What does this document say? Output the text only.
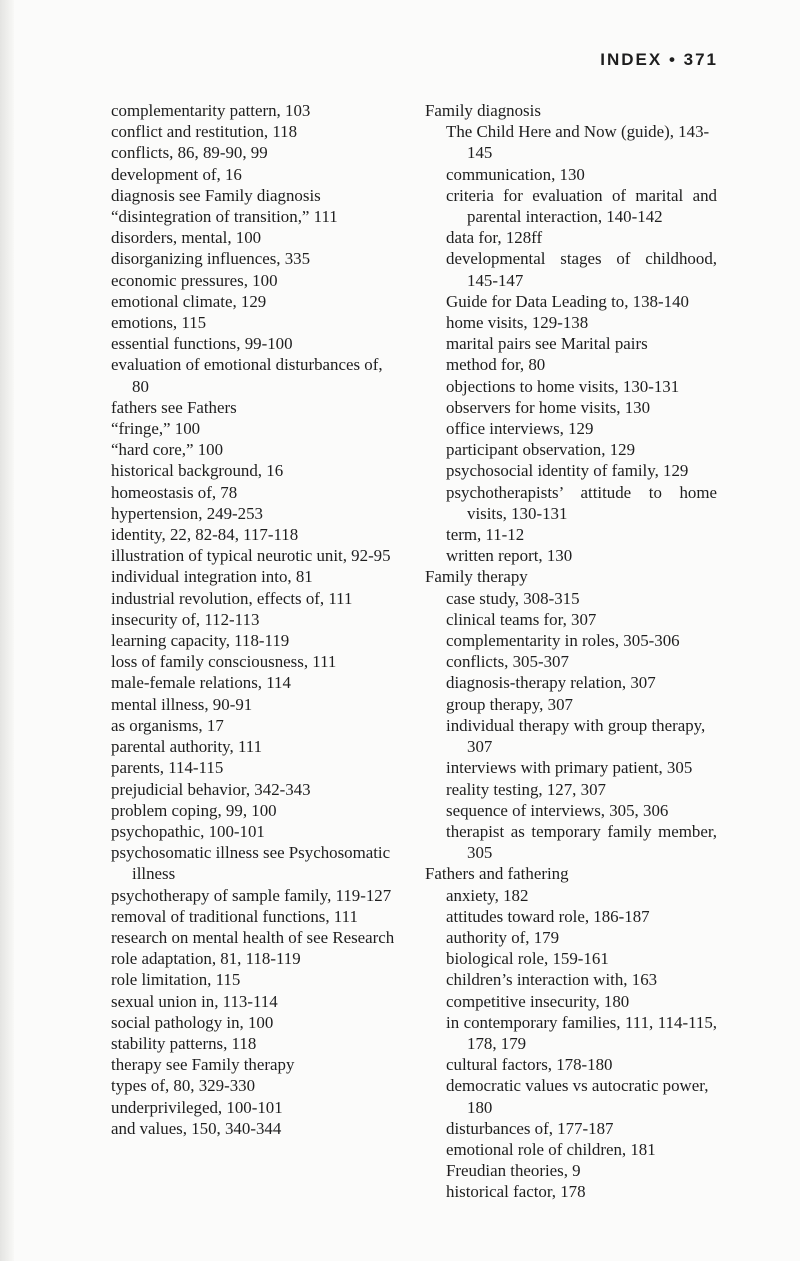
INDEX • 371
complementarity pattern, 103
conflict and restitution, 118
conflicts, 86, 89-90, 99
development of, 16
diagnosis see Family diagnosis
“disintegration of transition,” 111
disorders, mental, 100
disorganizing influences, 335
economic pressures, 100
emotional climate, 129
emotions, 115
essential functions, 99-100
evaluation of emotional disturbances of, 80
fathers see Fathers
“fringe,” 100
“hard core,” 100
historical background, 16
homeostasis of, 78
hypertension, 249-253
identity, 22, 82-84, 117-118
illustration of typical neurotic unit, 92-95
individual integration into, 81
industrial revolution, effects of, 111
insecurity of, 112-113
learning capacity, 118-119
loss of family consciousness, 111
male-female relations, 114
mental illness, 90-91
as organisms, 17
parental authority, 111
parents, 114-115
prejudicial behavior, 342-343
problem coping, 99, 100
psychopathic, 100-101
psychosomatic illness see Psychosomatic illness
psychotherapy of sample family, 119-127
removal of traditional functions, 111
research on mental health of see Research
role adaptation, 81, 118-119
role limitation, 115
sexual union in, 113-114
social pathology in, 100
stability patterns, 118
therapy see Family therapy
types of, 80, 329-330
underprivileged, 100-101
and values, 150, 340-344
Family diagnosis
The Child Here and Now (guide), 143-145
communication, 130
criteria for evaluation of marital and parental interaction, 140-142
data for, 128ff
developmental stages of childhood, 145-147
Guide for Data Leading to, 138-140
home visits, 129-138
marital pairs see Marital pairs
method for, 80
objections to home visits, 130-131
observers for home visits, 130
office interviews, 129
participant observation, 129
psychosocial identity of family, 129
psychotherapists’ attitude to home visits, 130-131
term, 11-12
written report, 130
Family therapy
case study, 308-315
clinical teams for, 307
complementarity in roles, 305-306
conflicts, 305-307
diagnosis-therapy relation, 307
group therapy, 307
individual therapy with group therapy, 307
interviews with primary patient, 305
reality testing, 127, 307
sequence of interviews, 305, 306
therapist as temporary family member, 305
Fathers and fathering
anxiety, 182
attitudes toward role, 186-187
authority of, 179
biological role, 159-161
children’s interaction with, 163
competitive insecurity, 180
in contemporary families, 111, 114-115, 178, 179
cultural factors, 178-180
democratic values vs autocratic power, 180
disturbances of, 177-187
emotional role of children, 181
Freudian theories, 9
historical factor, 178
